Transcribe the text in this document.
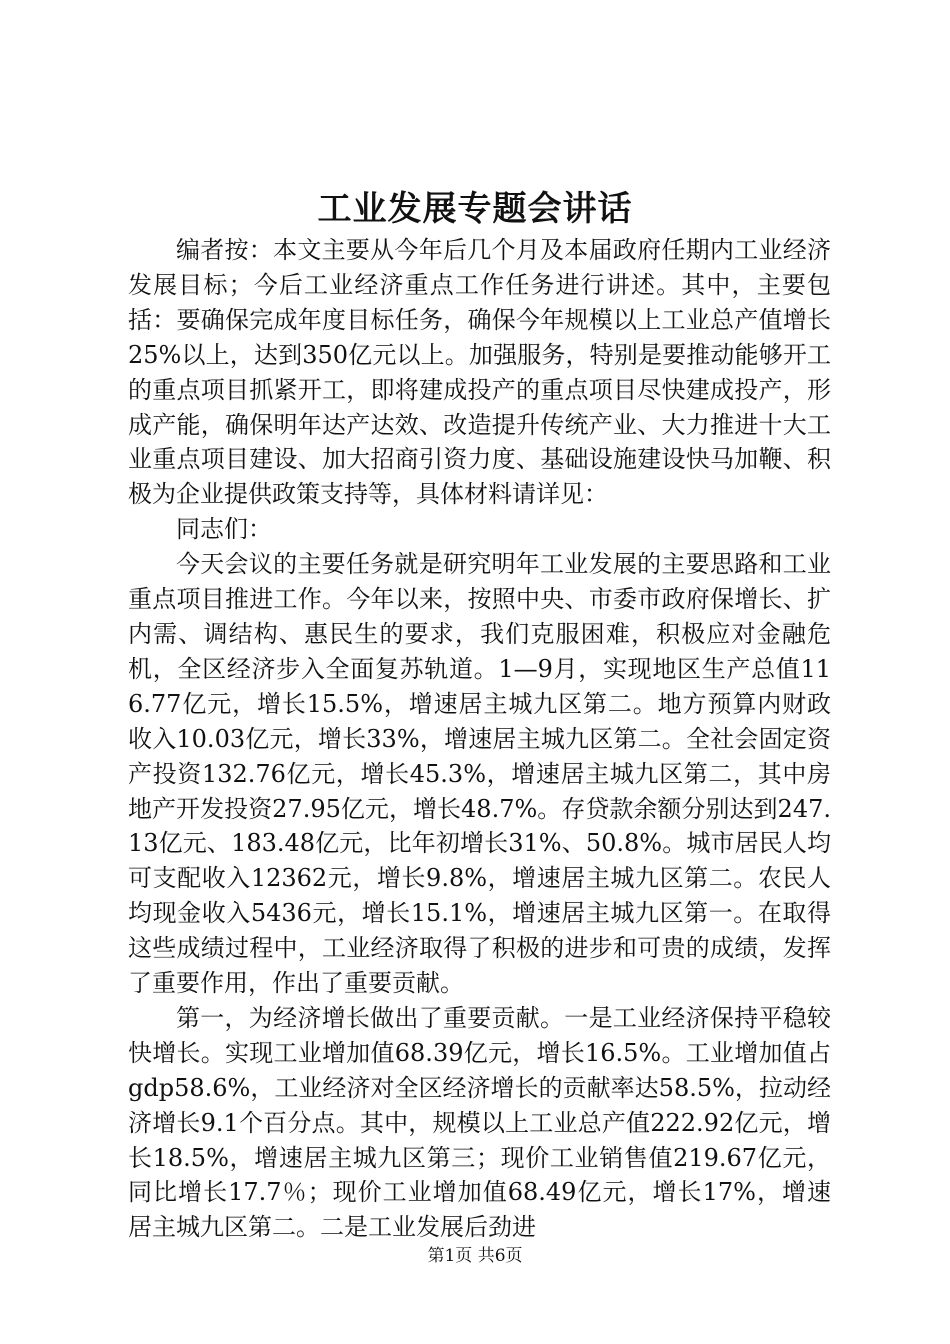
工业发展专题会讲话

编者按：本文主要从今年后几个月及本届政府任期内工业经济发展目标；今后工业经济重点工作任务进行讲述。其中，主要包括：要确保完成年度目标任务，确保今年规模以上工业总产值增长25%以上，达到350亿元以上。加强服务，特别是要推动能够开工的重点项目抓紧开工，即将建成投产的重点项目尽快建成投产，形成产能，确保明年达产达效、改造提升传统产业、大力推进十大工业重点项目建设、加大招商引资力度、基础设施建设快马加鞭、积极为企业提供政策支持等，具体材料请详见：

同志们：

今天会议的主要任务就是研究明年工业发展的主要思路和工业重点项目推进工作。今年以来，按照中央、市委市政府保增长、扩内需、调结构、惠民生的要求，我们克服困难，积极应对金融危机，全区经济步入全面复苏轨道。1—9月，实现地区生产总值116.77亿元，增长15.5%，增速居主城九区第二。地方预算内财政收入10.03亿元，增长33%，增速居主城九区第二。全社会固定资产投资132.76亿元，增长45.3%，增速居主城九区第二，其中房地产开发投资27.95亿元，增长48.7%。存贷款余额分别达到247.13亿元、183.48亿元，比年初增长31%、50.8%。城市居民人均可支配收入12362元，增长9.8%，增速居主城九区第二。农民人均现金收入5436元，增长15.1%，增速居主城九区第一。在取得这些成绩过程中，工业经济取得了积极的进步和可贵的成绩，发挥了重要作用，作出了重要贡献。

第一，为经济增长做出了重要贡献。一是工业经济保持平稳较快增长。实现工业增加值68.39亿元，增长16.5%。工业增加值占gdp58.6%，工业经济对全区经济增长的贡献率达58.5%，拉动经济增长9.1个百分点。其中，规模以上工业总产值222.92亿元，增长18.5%，增速居主城九区第三；现价工业销售值219.67亿元，同比增长17.7％；现价工业增加值68.49亿元，增长17%，增速居主城九区第二。二是工业发展后劲进

第1页 共6页
